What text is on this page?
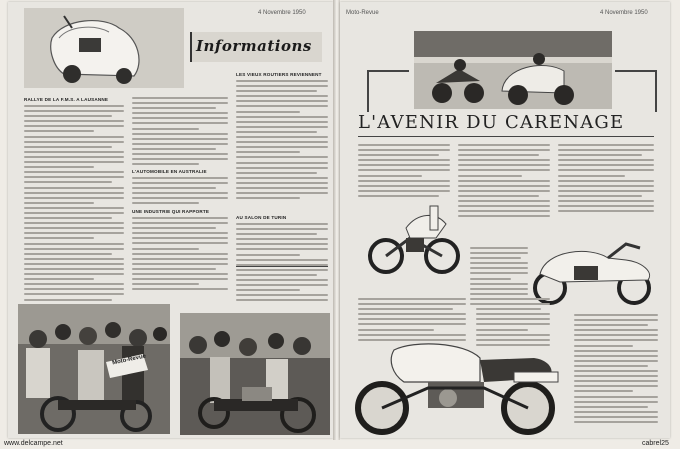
4 Novembre 1950
Informations
RALLYE DE LA F.M.S. A LAUSANNE
L'AUTOMOBILE EN AUSTRALIE
UNE INDUSTRIE QUI RAPPORTE
LES VIEUX ROUTIERS REVIENNENT
AU SALON DE TURIN
Moto-Revue
Moto-Revue	4 Novembre 1950
L'AVENIR DU CARENAGE
www.delcampe.net	cabrel25
